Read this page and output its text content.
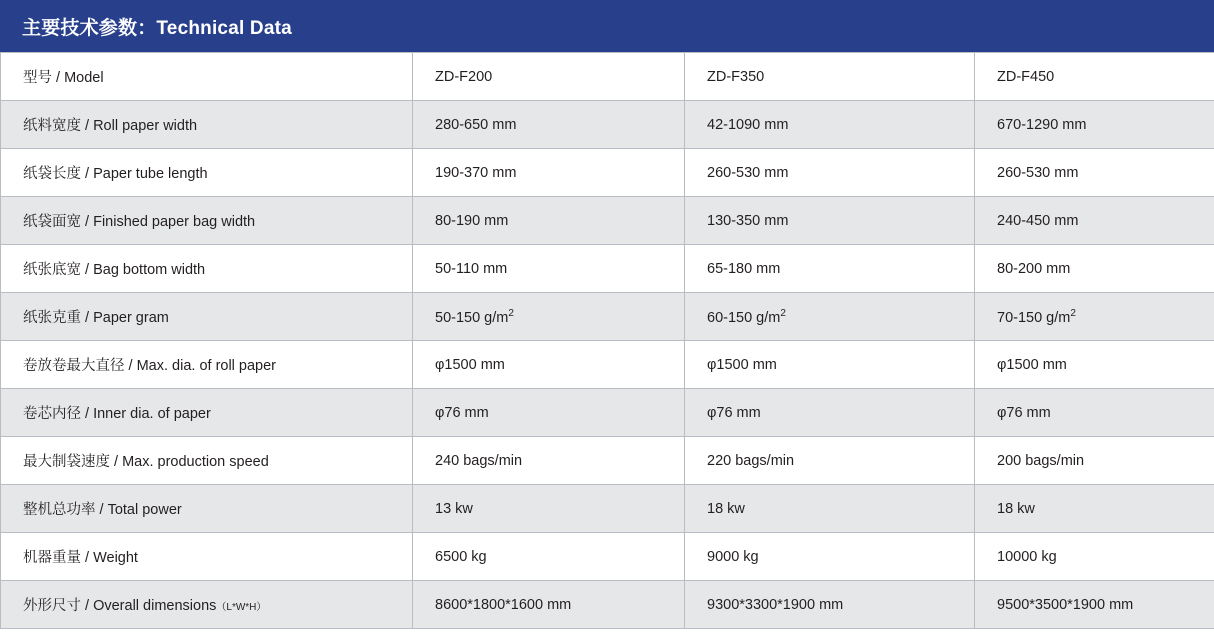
主要技术参数：Technical Data
型号 / Model	ZD-F200	ZD-F350	ZD-F450
纸料宽度 / Roll paper width	280-650 mm	42-1090 mm	670-1290 mm
纸袋长度 / Paper tube length	190-370 mm	260-530 mm	260-530 mm
纸袋面宽 / Finished paper bag width	80-190 mm	130-350 mm	240-450 mm
纸张底宽 / Bag bottom width	50-110 mm	65-180 mm	80-200 mm
纸张克重 / Paper gram	50-150 $g/m^2$	60-150 $g/m^2$	70-150 $g/m^2$
卷放卷最大直径 / Max. dia. of roll paper	φ1500 mm	φ1500 mm	φ1500 mm
卷芯内径 / Inner dia. of paper	φ76 mm	φ76 mm	φ76 mm
最大制袋速度 / Max. production speed	240 bags/min	220 bags/min	200 bags/min
整机总功率 / Total power	13 kw	18 kw	18 kw
机器重量 / Weight	6500 kg	9000 kg	10000 kg
外形尺寸 / Overall dimensions（L*W*H）	8600*1800*1600 mm	9300*3300*1900 mm	9500*3500*1900 mm
